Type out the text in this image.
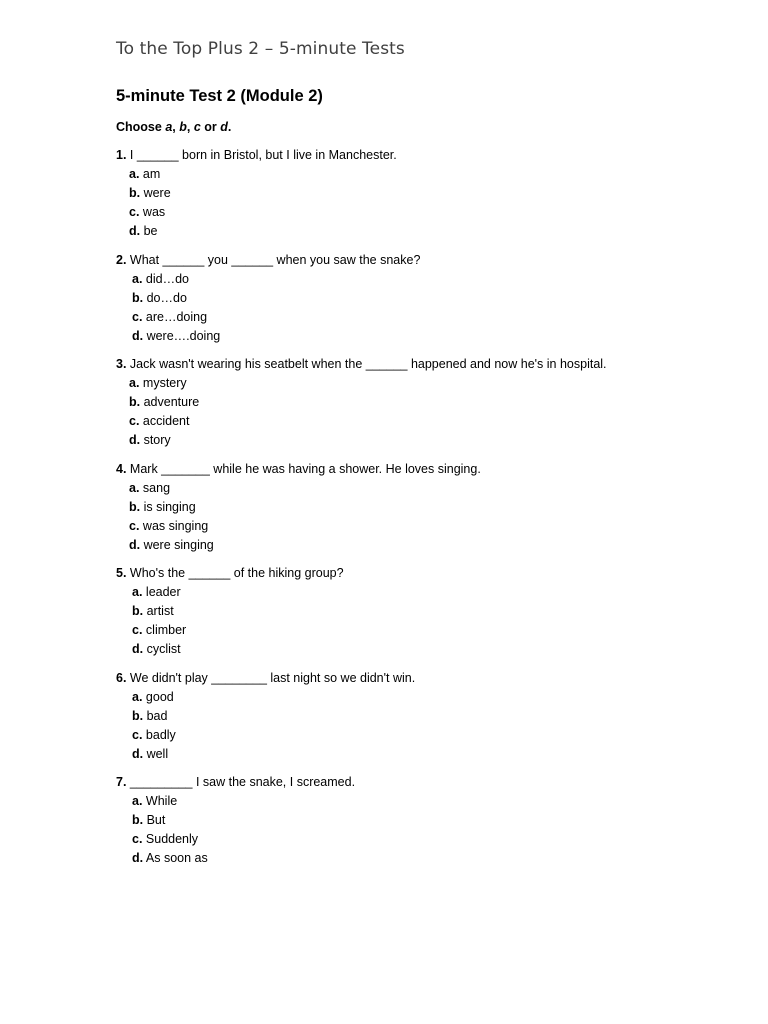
To the Top Plus 2 – 5-minute Tests
5-minute Test 2 (Module 2)
Choose a, b, c or d.
1. I ______ born in Bristol, but I live in Manchester.
a. am
b. were
c. was
d. be
2. What ______ you ______ when you saw the snake?
a. did…do
b. do…do
c. are…doing
d. were….doing
3. Jack wasn't wearing his seatbelt when the ______ happened and now he's in hospital.
a. mystery
b. adventure
c. accident
d. story
4. Mark _______ while he was having a shower. He loves singing.
a. sang
b. is singing
c. was singing
d. were singing
5. Who's the ______ of the hiking group?
a. leader
b. artist
c. climber
d. cyclist
6. We didn't play ________ last night so we didn't win.
a. good
b. bad
c. badly
d. well
7. _________ I saw the snake, I screamed.
a. While
b. But
c. Suddenly
d. As soon as
